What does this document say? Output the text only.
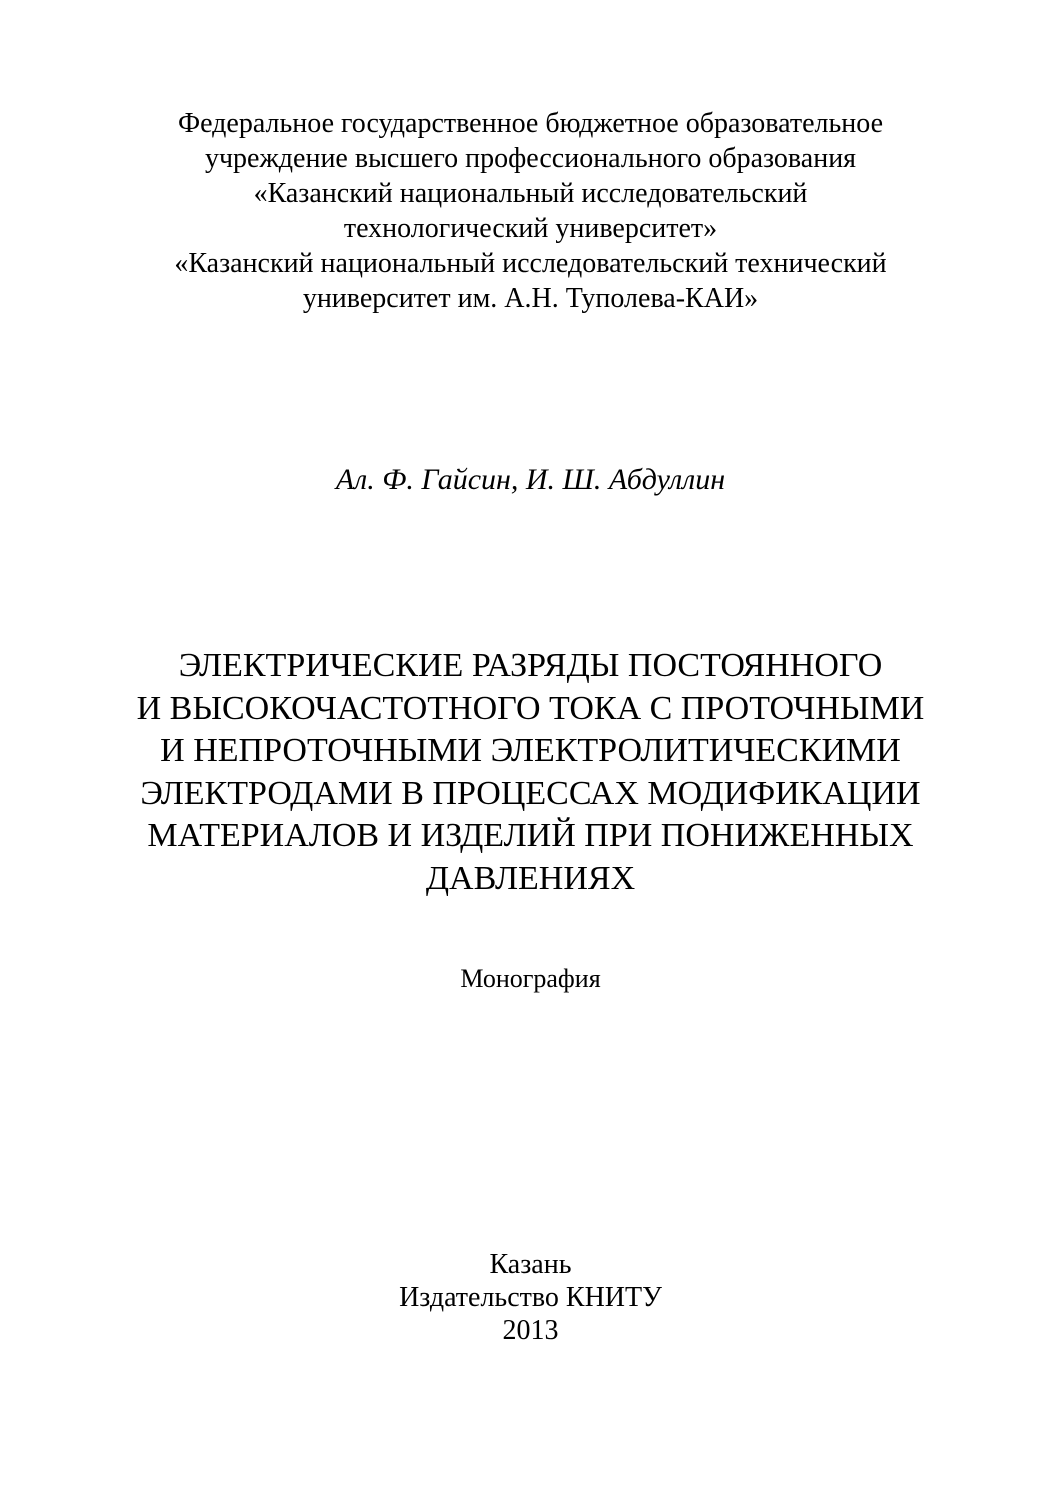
Федеральное государственное бюджетное образовательное
учреждение высшего профессионального образования
«Казанский национальный исследовательский
технологический университет»
«Казанский национальный исследовательский технический
университет им. А.Н. Туполева-КАИ»
Ал. Ф. Гайсин, И. Ш. Абдуллин
ЭЛЕКТРИЧЕСКИЕ РАЗРЯДЫ ПОСТОЯННОГО
И ВЫСОКОЧАСТОТНОГО ТОКА С ПРОТОЧНЫМИ
И НЕПРОТОЧНЫМИ ЭЛЕКТРОЛИТИЧЕСКИМИ
ЭЛЕКТРОДАМИ В ПРОЦЕССАХ МОДИФИКАЦИИ
МАТЕРИАЛОВ И ИЗДЕЛИЙ ПРИ ПОНИЖЕННЫХ
ДАВЛЕНИЯХ
Монография
Казань
Издательство КНИТУ
2013
